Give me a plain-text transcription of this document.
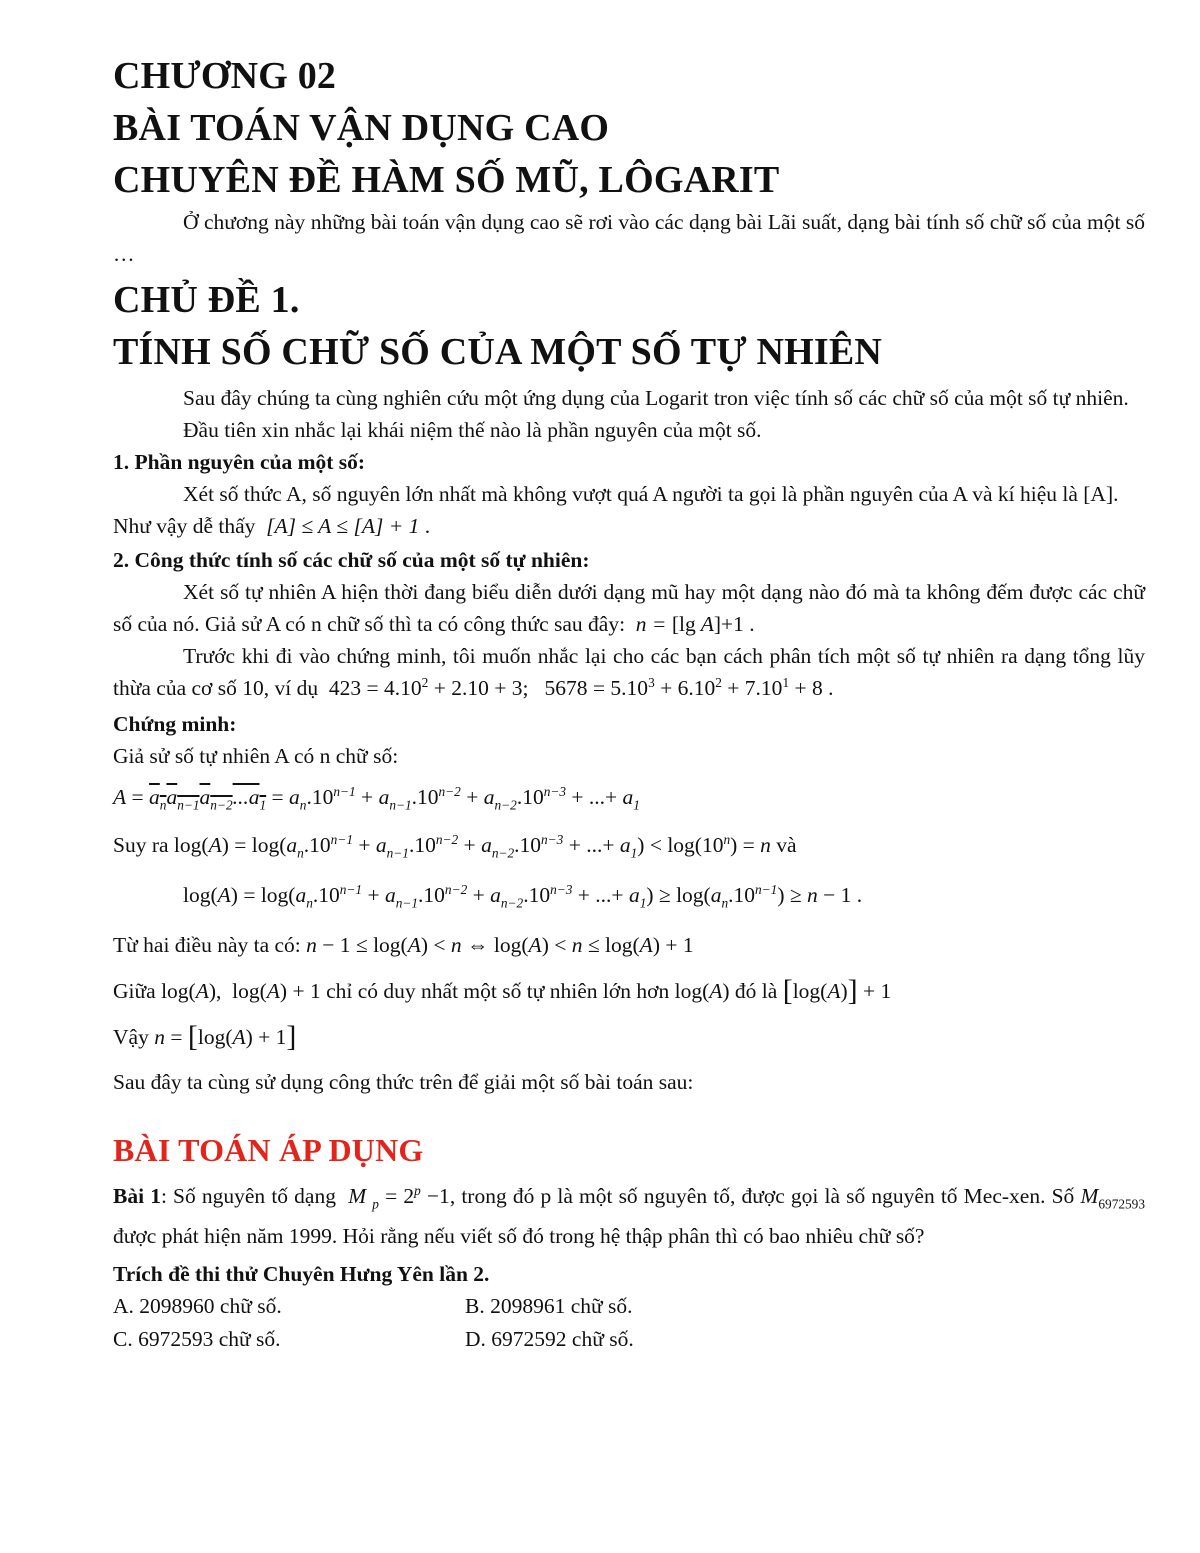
CHƯƠNG 02

BÀI TOÁN VẬN DỤNG CAO

CHUYÊN ĐỀ HÀM SỐ MŨ, LÔGARIT

Ở chương này những bài toán vận dụng cao sẽ rơi vào các dạng bài Lãi suất, dạng bài tính số chữ số của một số …

CHỦ ĐỀ 1.

TÍNH SỐ CHỮ SỐ CỦA MỘT SỐ TỰ NHIÊN

Sau đây chúng ta cùng nghiên cứu một ứng dụng của Logarit tron việc tính số các chữ số của một số tự nhiên.

Đầu tiên xin nhắc lại khái niệm thế nào là phần nguyên của một số.

1. Phần nguyên của một số:

Xét số thức A, số nguyên lớn nhất mà không vượt quá A người ta gọi là phần nguyên của A và kí hiệu là [A].

Như vậy dễ thấy  [A] ≤ A ≤ [A] + 1 .

2. Công thức tính số các chữ số của một số tự nhiên:

Xét số tự nhiên A hiện thời đang biểu diễn dưới dạng mũ hay một dạng nào đó mà ta không đếm được các chữ số của nó. Giả sử A có n chữ số thì ta có công thức sau đây:  n = [lg A]+1 .

Trước khi đi vào chứng minh, tôi muốn nhắc lại cho các bạn cách phân tích một số tự nhiên ra dạng tổng lũy thừa của cơ số 10, ví dụ  $423 = 4.10^2 + 2.10 + 3$;   $5678 = 5.10^3 + 6.10^2 + 7.10^1 + 8$ .

Chứng minh:

Giả sử số tự nhiên A có n chữ số:

$A = a_na_{n-1}a_{n-2}...a_1 = a_n.10^{n-1} + a_{n-1}.10^{n-2} + a_{n-2}.10^{n-3}$ + ...+ $a_1$

Suy ra $\log(A) = \log(a_n.10^{n-1} + a_{n-1}.10^{n-2} + a_{n-2}.10^{n-3}$ + ...+ $a_1) < \log(10^n) = n$ và

$\log(A) = \log(a_n.10^{n-1} + a_{n-1}.10^{n-2} + a_{n-2}.10^{n-3}$ + ...+ $a_1) \ge \log(a_n.10^{n-1}) \ge n - 1$ .

Từ hai điều này ta có: n − 1 ≤ log(A) < n ⇔ log(A) < n ≤ log(A) + 1

Giữa log(A),  log(A) + 1 chỉ có duy nhất một số tự nhiên lớn hơn log(A) đó là [log(A)] + 1

Vậy n = [log(A) + 1]

Sau đây ta cùng sử dụng công thức trên để giải một số bài toán sau:

BÀI TOÁN ÁP DỤNG

Bài 1: Số nguyên tố dạng  M $_p = 2^p -1$, trong đó p là một số nguyên tố, được gọi là số nguyên tố Mec-xen. Số $M_{6972593}$ được phát hiện năm 1999. Hỏi rằng nếu viết số đó trong hệ thập phân thì có bao nhiêu chữ số?

Trích đề thi thử Chuyên Hưng Yên lần 2.

A. 2098960 chữ số.	B. 2098961 chữ số.
C. 6972593 chữ số.	D. 6972592 chữ số.
